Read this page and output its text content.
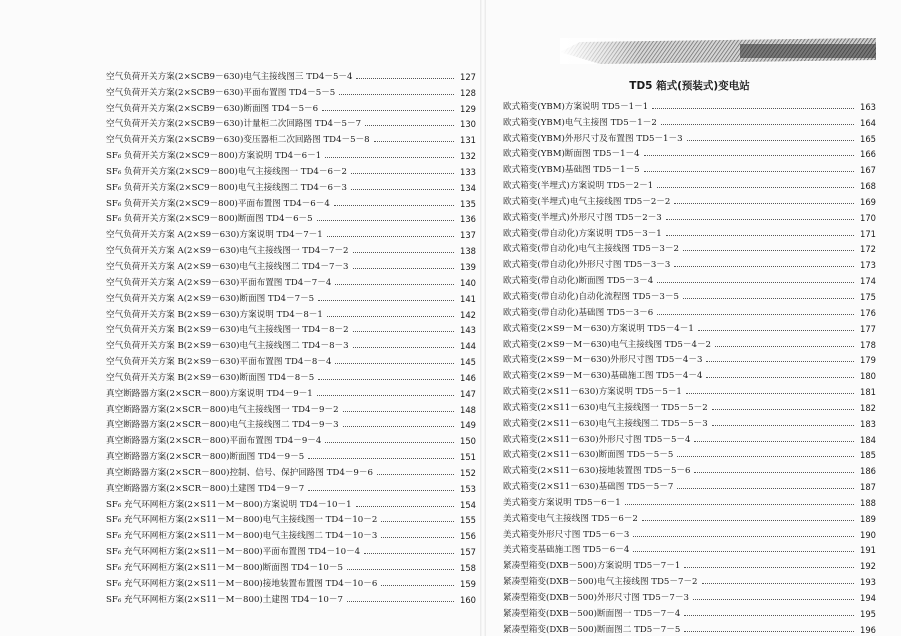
TD5 箱式(预装式)变电站
空气负荷开关方案(2×SCB9－630)电气主接线图三 TD4－5－4	127
空气负荷开关方案(2×SCB9－630)平面布置图 TD4－5－5	128
空气负荷开关方案(2×SCB9－630)断面图 TD4－5－6	129
空气负荷开关方案(2×SCB9－630)计量柜二次回路图 TD4－5－7	130
空气负荷开关方案(2×SCB9－630)变压器柜二次回路图 TD4－5－8	131
SF₆ 负荷开关方案(2×SC9－800)方案说明 TD4－6－1	132
SF₆ 负荷开关方案(2×SC9－800)电气主接线图一 TD4－6－2	133
SF₆ 负荷开关方案(2×SC9－800)电气主接线图二 TD4－6－3	134
SF₆ 负荷开关方案(2×SC9－800)平面布置图 TD4－6－4	135
SF₆ 负荷开关方案(2×SC9－800)断面图 TD4－6－5	136
空气负荷开关方案 A(2×S9－630)方案说明 TD4－7－1	137
空气负荷开关方案 A(2×S9－630)电气主接线图一 TD4－7－2	138
空气负荷开关方案 A(2×S9－630)电气主接线图二 TD4－7－3	139
空气负荷开关方案 A(2×S9－630)平面布置图 TD4－7－4	140
空气负荷开关方案 A(2×S9－630)断面图 TD4－7－5	141
空气负荷开关方案 B(2×S9－630)方案说明 TD4－8－1	142
空气负荷开关方案 B(2×S9－630)电气主接线图一 TD4－8－2	143
空气负荷开关方案 B(2×S9－630)电气主接线图二 TD4－8－3	144
空气负荷开关方案 B(2×S9－630)平面布置图 TD4－8－4	145
空气负荷开关方案 B(2×S9－630)断面图 TD4－8－5	146
真空断路器方案(2×SCR－800)方案说明 TD4－9－1	147
真空断路器方案(2×SCR－800)电气主接线图一 TD4－9－2	148
真空断路器方案(2×SCR－800)电气主接线图二 TD4－9－3	149
真空断路器方案(2×SCR－800)平面布置图 TD4－9－4	150
真空断路器方案(2×SCR－800)断面图 TD4－9－5	151
真空断路器方案(2×SCR－800)控制、信号、保护回路图 TD4－9－6	152
真空断路器方案(2×SCR－800)土建图 TD4－9－7	153
SF₆ 充气环网柜方案(2×S11－M－800)方案说明 TD4－10－1	154
SF₆ 充气环网柜方案(2×S11－M－800)电气主接线图一 TD4－10－2	155
SF₆ 充气环网柜方案(2×S11－M－800)电气主接线图二 TD4－10－3	156
SF₆ 充气环网柜方案(2×S11－M－800)平面布置图 TD4－10－4	157
SF₆ 充气环网柜方案(2×S11－M－800)断面图 TD4－10－5	158
SF₆ 充气环网柜方案(2×S11－M－800)接地装置布置图 TD4－10－6	159
SF₆ 充气环网柜方案(2×S11－M－800)土建图 TD4－10－7	160
欧式箱变(YBM)方案说明 TD5－1－1	163
欧式箱变(YBM)电气主接图 TD5－1－2	164
欧式箱变(YBM)外形尺寸及布置图 TD5－1－3	165
欧式箱变(YBM)断面图 TD5－1－4	166
欧式箱变(YBM)基础图 TD5－1－5	167
欧式箱变(半埋式)方案说明 TD5－2－1	168
欧式箱变(半埋式)电气主接线图 TD5－2－2	169
欧式箱变(半埋式)外形尺寸图 TD5－2－3	170
欧式箱变(带自动化)方案说明 TD5－3－1	171
欧式箱变(带自动化)电气主接线图 TD5－3－2	172
欧式箱变(带自动化)外形尺寸图 TD5－3－3	173
欧式箱变(带自动化)断面图 TD5－3－4	174
欧式箱变(带自动化)自动化流程图 TD5－3－5	175
欧式箱变(带自动化)基础图 TD5－3－6	176
欧式箱变(2×S9－M－630)方案说明 TD5－4－1	177
欧式箱变(2×S9－M－630)电气主接线图 TD5－4－2	178
欧式箱变(2×S9－M－630)外形尺寸图 TD5－4－3	179
欧式箱变(2×S9－M－630)基础施工图 TD5－4－4	180
欧式箱变(2×S11－630)方案说明 TD5－5－1	181
欧式箱变(2×S11－630)电气主接线图一 TD5－5－2	182
欧式箱变(2×S11－630)电气主接线图二 TD5－5－3	183
欧式箱变(2×S11－630)外形尺寸图 TD5－5－4	184
欧式箱变(2×S11－630)断面图 TD5－5－5	185
欧式箱变(2×S11－630)接地装置图 TD5－5－6	186
欧式箱变(2×S11－630)基础图 TD5－5－7	187
美式箱变方案说明 TD5－6－1	188
美式箱变电气主接线图 TD5－6－2	189
美式箱变外形尺寸图 TD5－6－3	190
美式箱变基础施工图 TD5－6－4	191
紧凑型箱变(DXB－500)方案说明 TD5－7－1	192
紧凑型箱变(DXB－500)电气主接线图 TD5－7－2	193
紧凑型箱变(DXB－500)外形尺寸图 TD5－7－3	194
紧凑型箱变(DXB－500)断面图一 TD5－7－4	195
紧凑型箱变(DXB－500)断面图二 TD5－7－5	196
